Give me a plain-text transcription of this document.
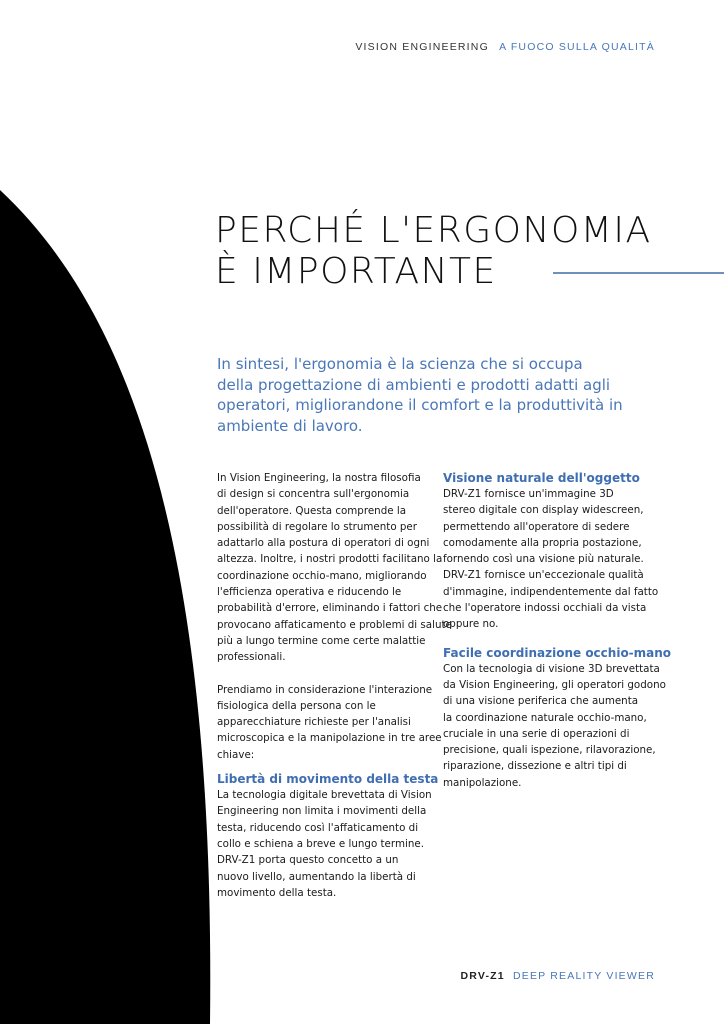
VISION ENGINEERING A FUOCO SULLA QUALITÀ
PERCHÉ L'ERGONOMIA
È IMPORTANTE
In sintesi, l'ergonomia è la scienza che si occupa
della progettazione di ambienti e prodotti adatti agli
operatori, migliorandone il comfort e la produttività in
ambiente di lavoro.

In Vision Engineering, la nostra filosofia
di design si concentra sull'ergonomia
dell'operatore. Questa comprende la
possibilità di regolare lo strumento per
adattarlo alla postura di operatori di ogni
altezza. Inoltre, i nostri prodotti facilitano la
coordinazione occhio-mano, migliorando
l'efficienza operativa e riducendo le
probabilità d'errore, eliminando i fattori che
provocano affaticamento e problemi di salute
più a lungo termine come certe malattie
professionali.

Prendiamo in considerazione l'interazione
fisiologica della persona con le
apparecchiature richieste per l'analisi
microscopica e la manipolazione in tre aree
chiave:

Libertà di movimento della testa
La tecnologia digitale brevettata di Vision
Engineering non limita i movimenti della
testa, riducendo così l'affaticamento di
collo e schiena a breve e lungo termine.
DRV-Z1 porta questo concetto a un
nuovo livello, aumentando la libertà di
movimento della testa.
Visione naturale dell'oggetto
DRV-Z1 fornisce un'immagine 3D
stereo digitale con display widescreen,
permettendo all'operatore di sedere
comodamente alla propria postazione,
fornendo così una visione più naturale.
DRV-Z1 fornisce un'eccezionale qualità
d'immagine, indipendentemente dal fatto
che l'operatore indossi occhiali da vista
oppure no.
Facile coordinazione occhio-mano
Con la tecnologia di visione 3D brevettata
da Vision Engineering, gli operatori godono
di una visione periferica che aumenta
la coordinazione naturale occhio-mano,
cruciale in una serie di operazioni di
precisione, quali ispezione, rilavorazione,
riparazione, dissezione e altri tipi di
manipolazione.
DRV-Z1 DEEP REALITY VIEWER
